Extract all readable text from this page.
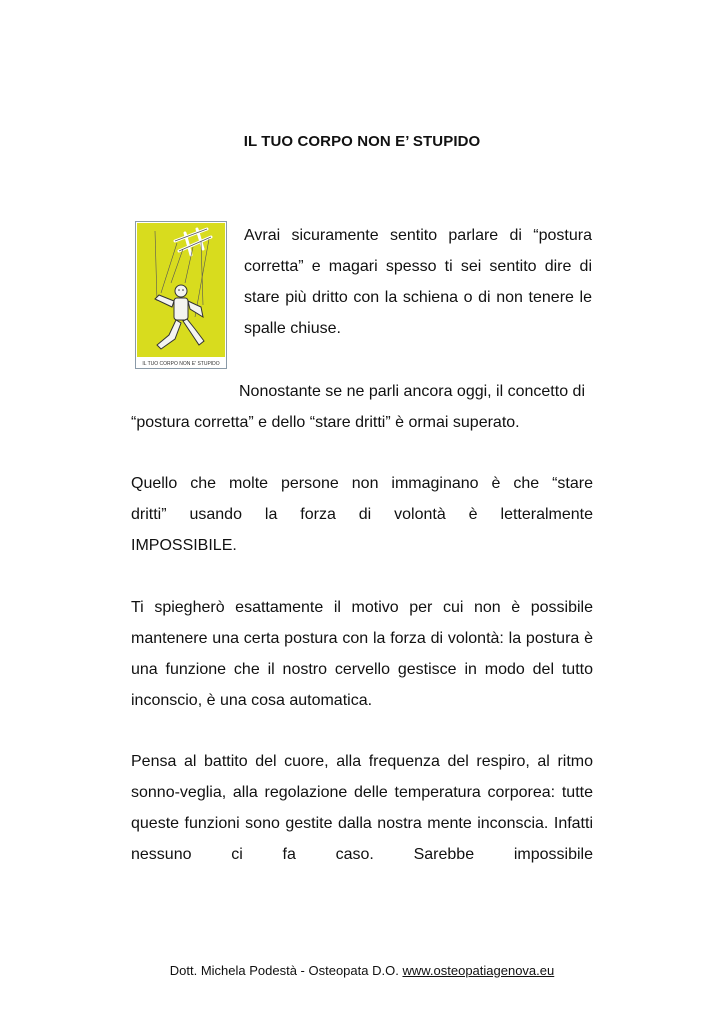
IL TUO CORPO NON E’ STUPIDO
IL TUO CORPO NON E' STUPIDO
Avrai sicuramente sentito parlare di “postura corretta” e magari spesso ti sei sentito dire di stare più dritto con la schiena o di non tenere le spalle chiuse.
Nonostante se ne parli ancora oggi, il concetto di “postura corretta” e dello “stare dritti” è ormai superato.
Quello che molte persone non immaginano è che “stare
dritti” usando la forza di volontà è letteralmente
IMPOSSIBILE.
Ti spiegherò esattamente il motivo per cui non è possibile mantenere una certa postura con la forza di volontà: la postura è una funzione che il nostro cervello gestisce in modo del tutto inconscio, è una cosa automatica.
Pensa al battito del cuore, alla frequenza del respiro, al ritmo sonno-veglia, alla regolazione delle temperatura corporea: tutte queste funzioni sono gestite dalla nostra mente inconscia. Infatti nessuno ci fa caso. Sarebbe impossibile
Dott. Michela Podestà - Osteopata D.O. www.osteopatiagenova.eu
